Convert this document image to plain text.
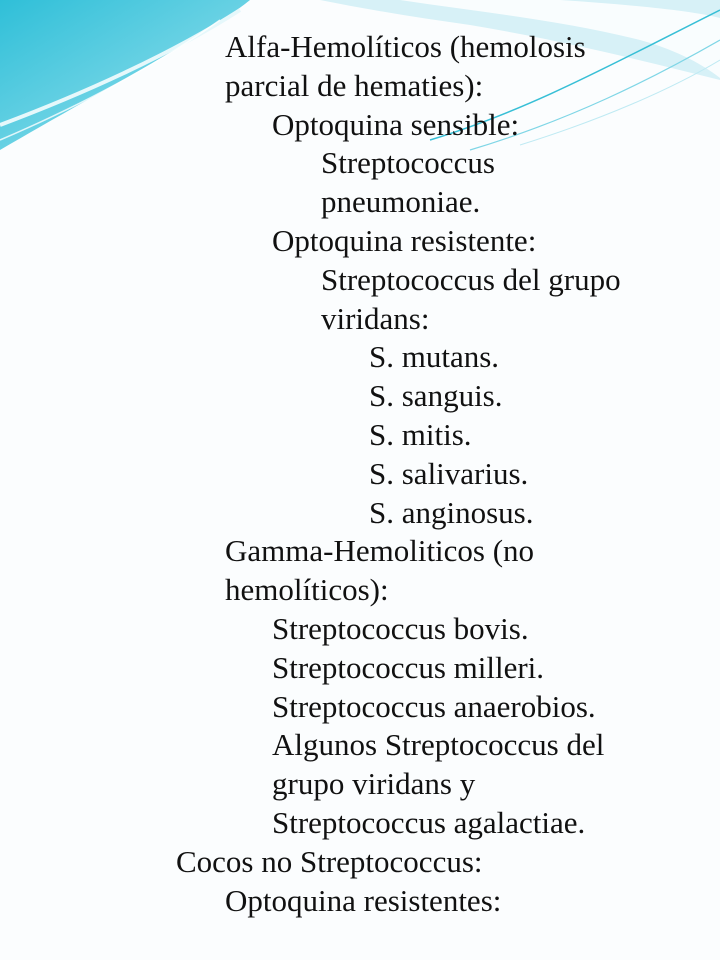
Alfa-Hemolíticos (hemolosis
parcial de hematies):
Optoquina sensible:
Streptococcus
pneumoniae.
Optoquina resistente:
Streptococcus del grupo
viridans:
S. mutans.
S. sanguis.
S. mitis.
S. salivarius.
S. anginosus.
Gamma-Hemoliticos (no
hemolíticos):
Streptococcus bovis.
Streptococcus milleri.
Streptococcus anaerobios.
Algunos Streptococcus del
grupo viridans y
Streptococcus agalactiae.
Cocos no Streptococcus:
Optoquina resistentes:
